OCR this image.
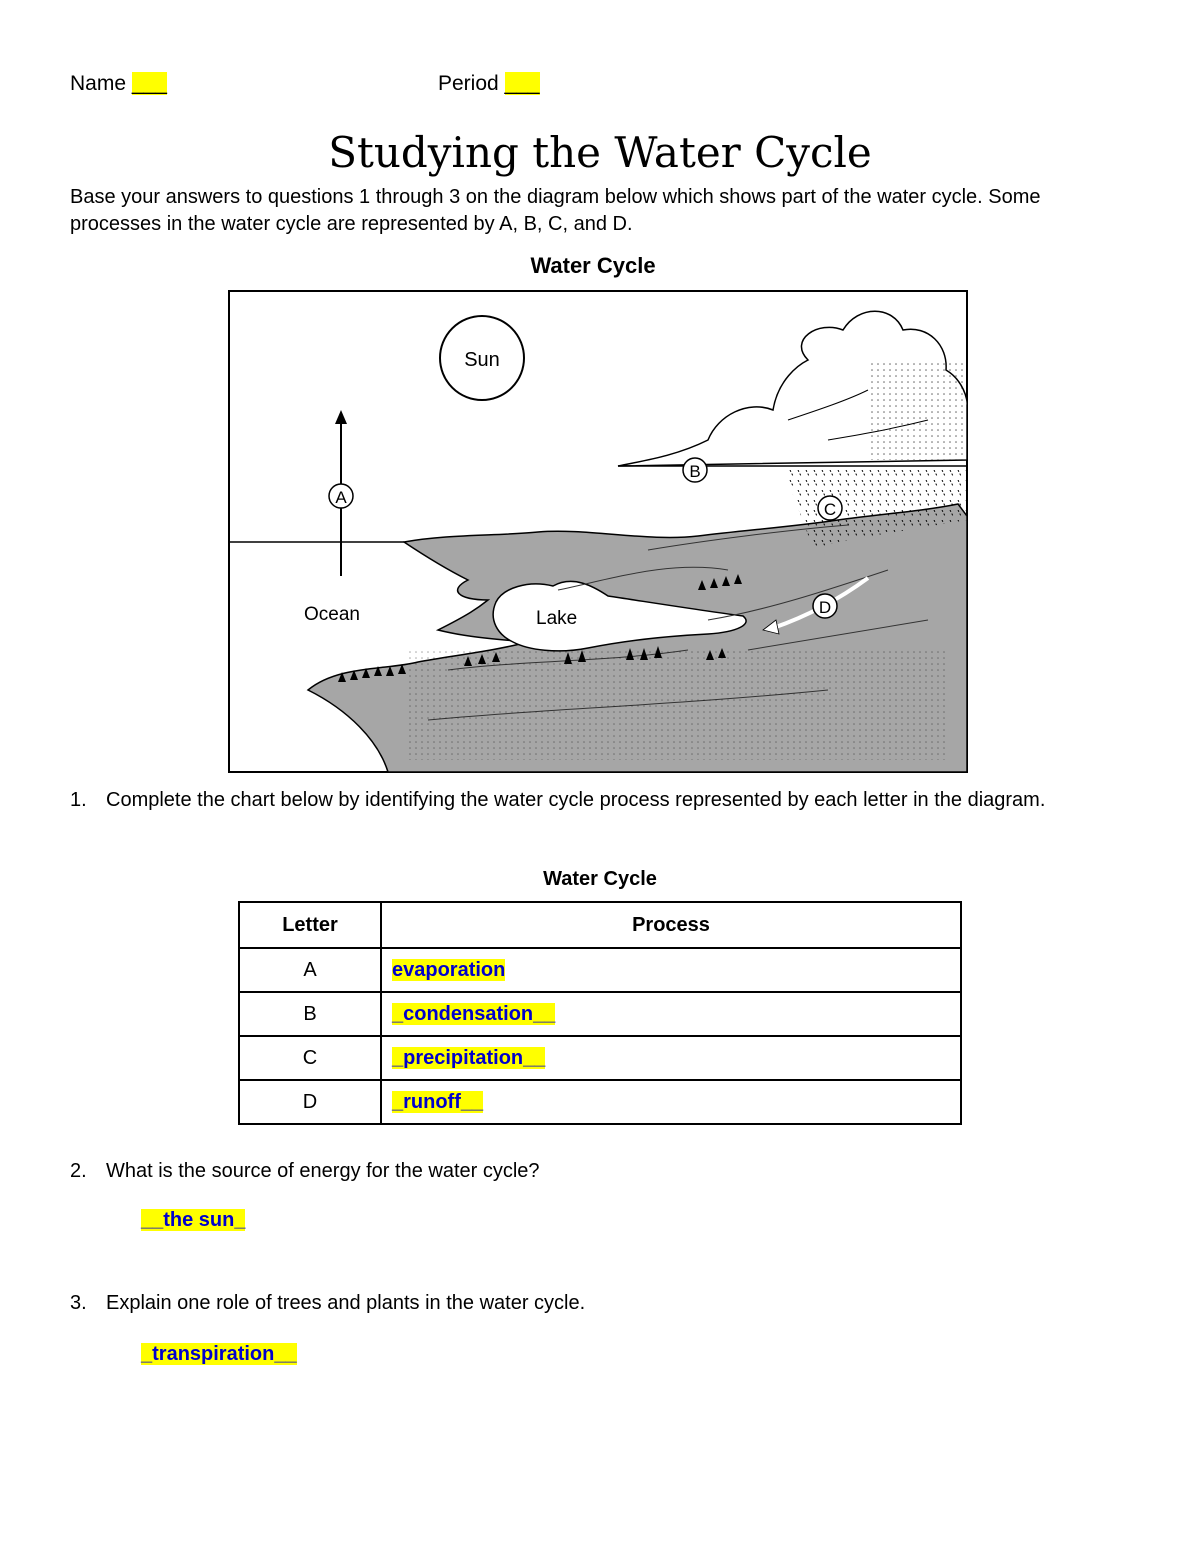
Name ___	Period ___
Studying the Water Cycle
Base your answers to questions 1 through 3 on the diagram below which shows part of the water cycle. Some processes in the water cycle are represented by A, B, C, and D.
Water Cycle
Sun
A
B
C
D
Ocean	Lake
1. Complete the chart below by identifying the water cycle process represented by each letter in the diagram.
Water Cycle
Letter	Process
A	evaporation
B	_condensation__
C	_precipitation__
D	_runoff__
2. What is the source of energy for the water cycle?
__the sun_
3. Explain one role of trees and plants in the water cycle.
_transpiration__
